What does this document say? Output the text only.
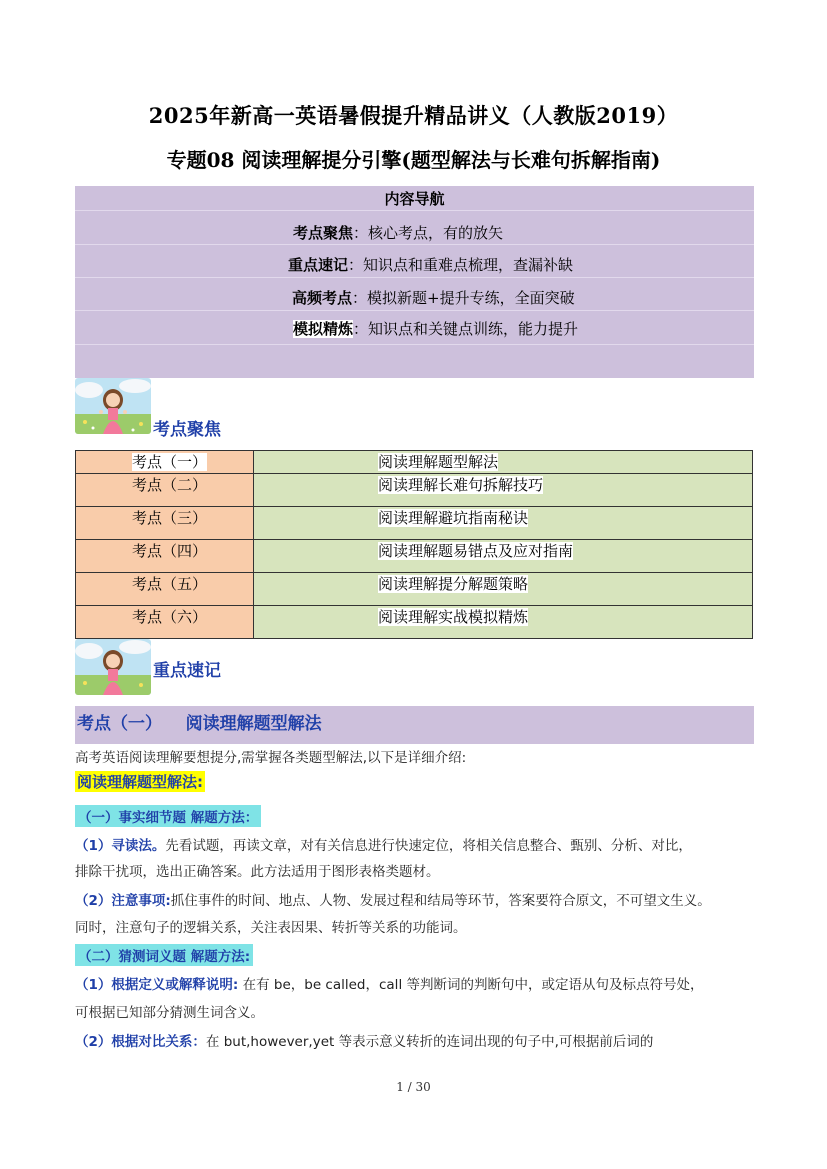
2025年新高一英语暑假提升精品讲义（人教版2019）
专题08 阅读理解提分引擎(题型解法与长难句拆解指南)
内容导航
考点聚焦：核心考点，有的放矢
重点速记：知识点和重难点梳理，查漏补缺
高频考点：模拟新题+提升专练，全面突破
模拟精炼：知识点和关键点训练，能力提升
考点聚焦
考点（一）	阅读理解题型解法
考点（二）	阅读理解长难句拆解技巧
考点（三）	阅读理解避坑指南秘诀
考点（四）	阅读理解题易错点及应对指南
考点（五）	阅读理解提分解题策略
考点（六）	阅读理解实战模拟精炼
重点速记
考点（一）    阅读理解题型解法
高考英语阅读理解要想提分,需掌握各类题型解法,以下是详细介绍:
阅读理解题型解法:
（一）事实细节题 解题方法：
（1）寻读法。先看试题，再读文章，对有关信息进行快速定位，将相关信息整合、甄别、分析、对比，
排除干扰项，选出正确答案。此方法适用于图形表格类题材。
（2）注意事项:抓住事件的时间、地点、人物、发展过程和结局等环节，答案要符合原文，不可望文生义。
同时，注意句子的逻辑关系，关注表因果、转折等关系的功能词。
（二）猜测词义题 解题方法:
（1）根据定义或解释说明: 在有 be，be called，call 等判断词的判断句中，或定语从句及标点符号处，
可根据已知部分猜测生词含义。
（2）根据对比关系：在 but,however,yet 等表示意义转折的连词出现的句子中,可根据前后词的
1 / 30
